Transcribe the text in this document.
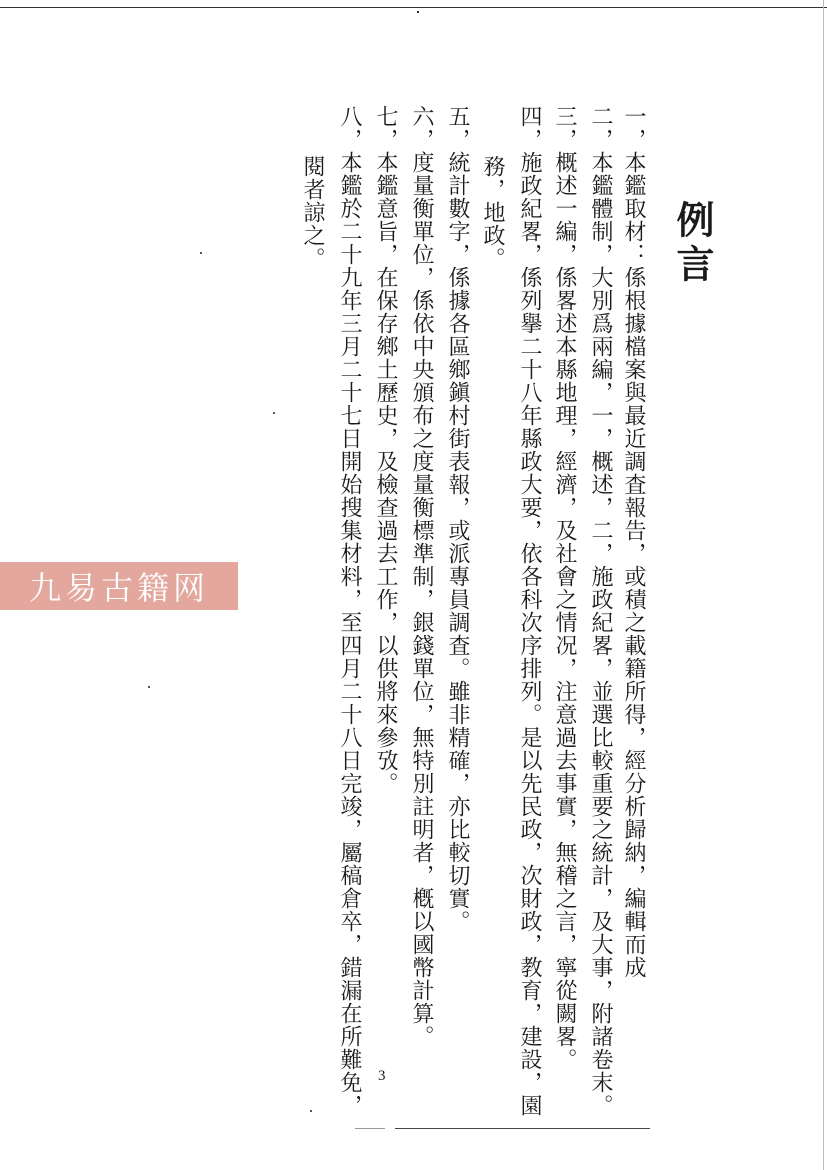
例言
一，本鑑取材：係根據檔案與最近調査報告，或積之載籍所得，經分析歸納，編輯而成
二，本鑑體制，大別爲兩編，一，概述，二，施政紀畧，並選比較重要之統計，及大事，附諸卷末。
三，概述一編，係畧述本縣地理，經濟，及社會之情况，注意過去事實，無稽之言，寧從闕畧。
四，施政紀畧，係列擧二十八年縣政大要，依各科次序排列。是以先民政，次財政，教育，建設，園
務，地政。
五，統計數字，係據各區鄉鎭村街表報，或派專員調査。雖非精確，亦比較切實。
六，度量衡單位，係依中央頒布之度量衡標準制，銀錢單位，無特別註明者，槪以國幣計算。
七，本鑑意旨，在保存鄉土歷史，及檢查過去工作，以供將來參攷。
八，本鑑於二十九年三月二十七日開始搜集材料，至四月二十八日完竣，屬稿倉卒，錯漏在所難免，
閱者諒之。
九易古籍网
3
